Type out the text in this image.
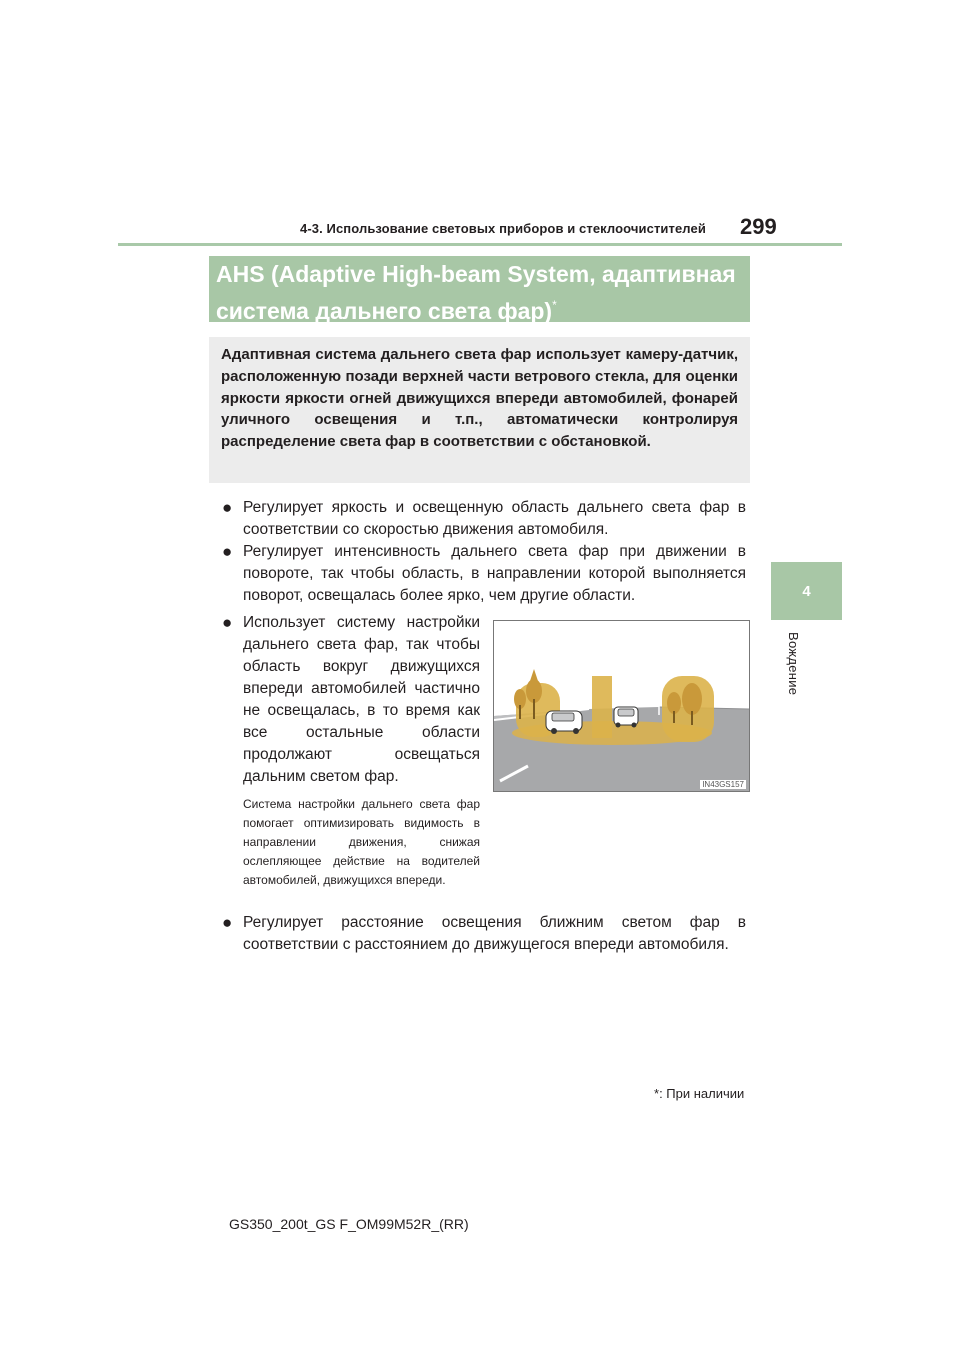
4-3. Использование световых приборов и стеклоочистителей 299
4
Вождение
AHS (Adaptive High-beam System, адаптивная
система дальнего света фар)*
Адаптивная система дальнего света фар использует камеру-датчик, расположенную позади верхней части ветрового стекла, для оценки яркости яркости огней движущихся впереди автомобилей, фонарей уличного освещения и т.п., автоматически контролируя распределение света фар в соответствии с обстановкой.
● Регулирует яркость и освещенную область дальнего света фар в соответствии со скоростью движения автомобиля.
● Регулирует интенсивность дальнего света фар при движении в повороте, так чтобы область, в направлении которой выполняется поворот, освещалась более ярко, чем другие области.
● Использует систему настройки дальнего света фар, так чтобы область вокруг движущихся впереди автомобилей частично не освещалась, в то время как все остальные области продолжают освещаться дальним светом фар.
Система настройки дальнего света фар помогает оптимизировать видимость в направлении движения, снижая ослепляющее действие на водителей автомобилей, движущихся впереди.
IN43GS157
● Регулирует расстояние освещения ближним светом фар в соответствии с расстоянием до движущегося впереди автомобиля.
*: При наличии
GS350_200t_GS F_OM99M52R_(RR)
